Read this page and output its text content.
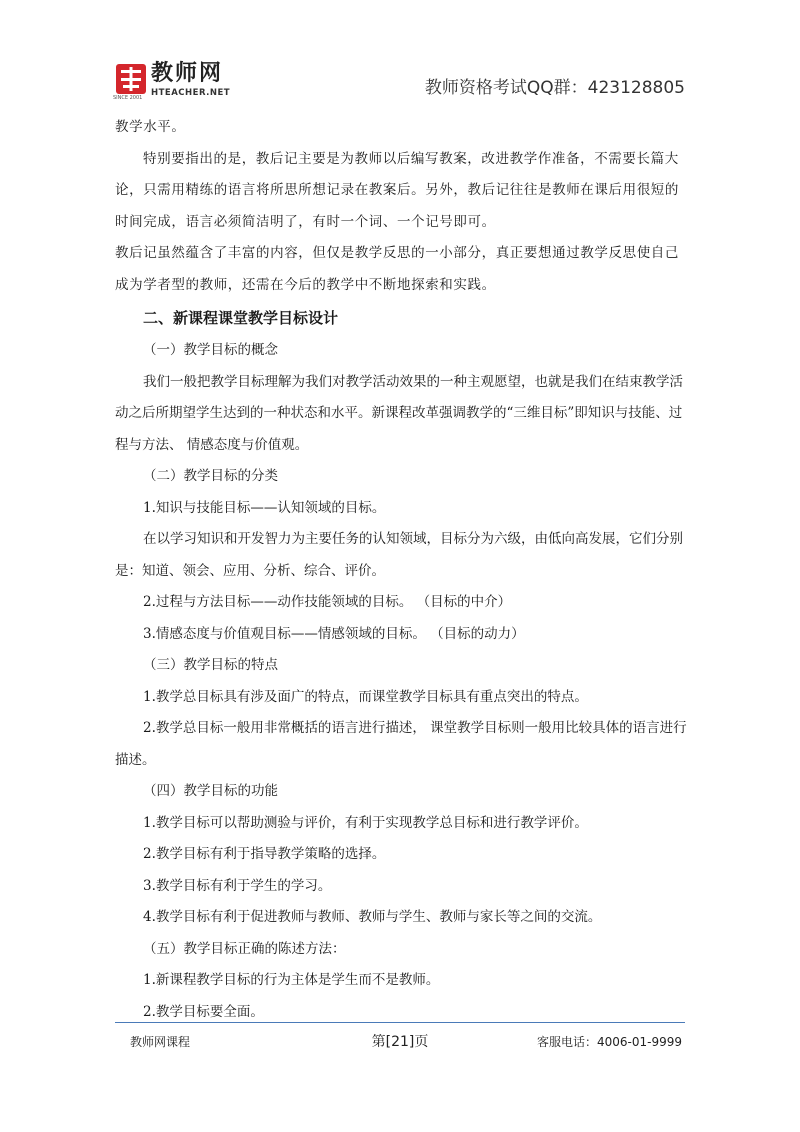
教师网
HTEACHER.NET
SINCE 2001	教师资格考试QQ群：423128805

教学水平。

特别要指出的是，教后记主要是为教师以后编写教案，改进教学作准备，不需要长篇大论，只需用精练的语言将所思所想记录在教案后。另外，教后记往往是教师在课后用很短的时间完成，语言必须简洁明了，有时一个词、一个记号即可。

教后记虽然蕴含了丰富的内容，但仅是教学反思的一小部分，真正要想通过教学反思使自己成为学者型的教师，还需在今后的教学中不断地探索和实践。

二、新课程课堂教学目标设计

（一）教学目标的概念

我们一般把教学目标理解为我们对教学活动效果的一种主观愿望，也就是我们在结束教学活动之后所期望学生达到的一种状态和水平。新课程改革强调教学的“三维目标”即知识与技能、过程与方法、 情感态度与价值观。

（二）教学目标的分类

1.知识与技能目标——认知领域的目标。

在以学习知识和开发智力为主要任务的认知领域，目标分为六级，由低向高发展，它们分别是：知道、领会、应用、分析、综合、评价。

2.过程与方法目标——动作技能领域的目标。 （目标的中介）

3.情感态度与价值观目标——情感领域的目标。 （目标的动力）

（三）教学目标的特点

1.教学总目标具有涉及面广的特点，而课堂教学目标具有重点突出的特点。

2.教学总目标一般用非常概括的语言进行描述， 课堂教学目标则一般用比较具体的语言进行描述。

（四）教学目标的功能

1.教学目标可以帮助测验与评价，有利于实现教学总目标和进行教学评价。

2.教学目标有利于指导教学策略的选择。

3.教学目标有利于学生的学习。

4.教学目标有利于促进教师与教师、教师与学生、教师与家长等之间的交流。

（五）教学目标正确的陈述方法：

1.新课程教学目标的行为主体是学生而不是教师。

2.教学目标要全面。

教师网课程	第[21]页	客服电话：4006-01-9999
